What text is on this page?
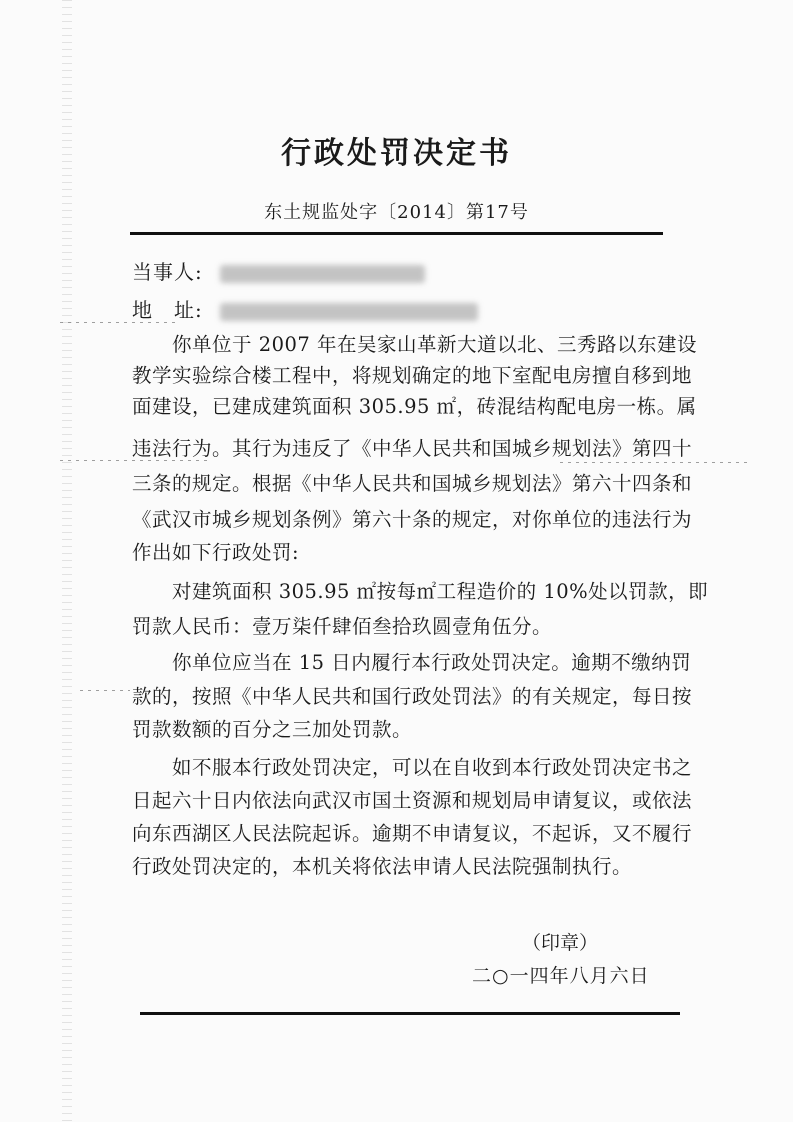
行政处罚决定书
东土规监处字〔2014〕第17号
当事人:
地　址:
　　你单位于 2007 年在吴家山革新大道以北、三秀路以东建设
教学实验综合楼工程中，将规划确定的地下室配电房擅自移到地
面建设，已建成建筑面积 305.95 ㎡，砖混结构配电房一栋。属
违法行为。其行为违反了《中华人民共和国城乡规划法》第四十
三条的规定。根据《中华人民共和国城乡规划法》第六十四条和
《武汉市城乡规划条例》第六十条的规定，对你单位的违法行为
作出如下行政处罚:
　　对建筑面积 305.95 ㎡按每㎡工程造价的 10%处以罚款，即
罚款人民币：壹万柒仟肆佰叁拾玖圆壹角伍分。
　　你单位应当在 15 日内履行本行政处罚决定。逾期不缴纳罚
款的，按照《中华人民共和国行政处罚法》的有关规定，每日按
罚款数额的百分之三加处罚款。
　　如不服本行政处罚决定，可以在自收到本行政处罚决定书之
日起六十日内依法向武汉市国土资源和规划局申请复议，或依法
向东西湖区人民法院起诉。逾期不申请复议，不起诉，又不履行
行政处罚决定的，本机关将依法申请人民法院强制执行。
（印章）
二○一四年八月六日
